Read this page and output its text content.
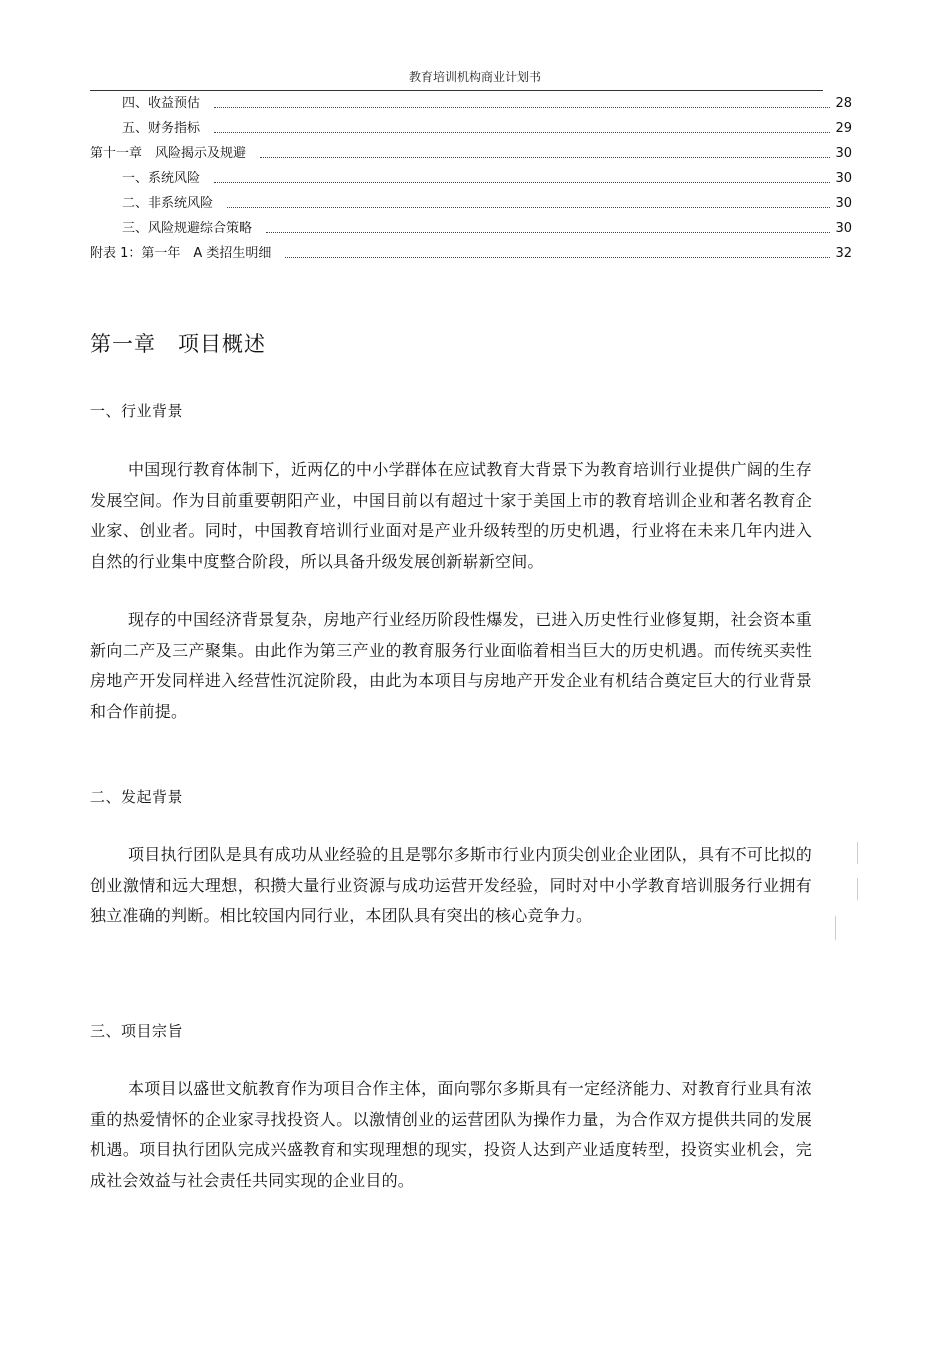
教育培训机构商业计划书
四、收益预估	28
五、财务指标	29
第十一章　风险揭示及规避	30
一、系统风险	30
二、非系统风险	30
三、风险规避综合策略	30
附表 1：第一年　A 类招生明细	32
第一章　项目概述
一、行业背景
中国现行教育体制下，近两亿的中小学群体在应试教育大背景下为教育培训行业提供广阔的生存发展空间。作为目前重要朝阳产业，中国目前以有超过十家于美国上市的教育培训企业和著名教育企业家、创业者。同时，中国教育培训行业面对是产业升级转型的历史机遇，行业将在未来几年内进入自然的行业集中度整合阶段，所以具备升级发展创新崭新空间。
现存的中国经济背景复杂，房地产行业经历阶段性爆发，已进入历史性行业修复期，社会资本重新向二产及三产聚集。由此作为第三产业的教育服务行业面临着相当巨大的历史机遇。而传统买卖性房地产开发同样进入经营性沉淀阶段，由此为本项目与房地产开发企业有机结合奠定巨大的行业背景和合作前提。
二、发起背景
项目执行团队是具有成功从业经验的且是鄂尔多斯市行业内顶尖创业企业团队，具有不可比拟的创业激情和远大理想，积攒大量行业资源与成功运营开发经验，同时对中小学教育培训服务行业拥有独立准确的判断。相比较国内同行业，本团队具有突出的核心竞争力。
三、项目宗旨
本项目以盛世文航教育作为项目合作主体，面向鄂尔多斯具有一定经济能力、对教育行业具有浓重的热爱情怀的企业家寻找投资人。以激情创业的运营团队为操作力量，为合作双方提供共同的发展机遇。项目执行团队完成兴盛教育和实现理想的现实，投资人达到产业适度转型，投资实业机会，完成社会效益与社会责任共同实现的企业目的。
